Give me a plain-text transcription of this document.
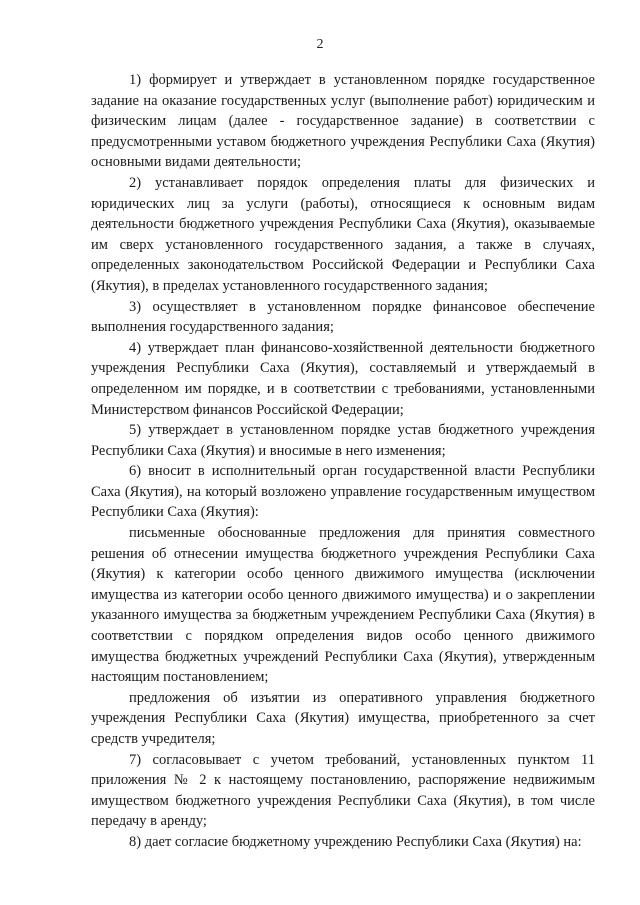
2

1) формирует и утверждает в установленном порядке государственное задание на оказание государственных услуг (выполнение работ) юридическим и физическим лицам (далее - государственное задание) в соответствии с предусмотренными уставом бюджетного учреждения Республики Саха (Якутия) основными видами деятельности;

2) устанавливает порядок определения платы для физических и юридических лиц за услуги (работы), относящиеся к основным видам деятельности бюджетного учреждения Республики Саха (Якутия), оказываемые им сверх установленного государственного задания, а также в случаях, определенных законодательством Российской Федерации и Республики Саха (Якутия), в пределах установленного государственного задания;

3) осуществляет в установленном порядке финансовое обеспечение выполнения государственного задания;

4) утверждает план финансово-хозяйственной деятельности бюджетного учреждения Республики Саха (Якутия), составляемый и утверждаемый в определенном им порядке, и в соответствии с требованиями, установленными Министерством финансов Российской Федерации;

5) утверждает в установленном порядке устав бюджетного учреждения Республики Саха (Якутия) и вносимые в него изменения;

6) вносит в исполнительный орган государственной власти Республики Саха (Якутия), на который возложено управление государственным имуществом Республики Саха (Якутия):

письменные обоснованные предложения для принятия совместного решения об отнесении имущества бюджетного учреждения Республики Саха (Якутия) к категории особо ценного движимого имущества (исключении имущества из категории особо ценного движимого имущества) и о закреплении указанного имущества за бюджетным учреждением Республики Саха (Якутия) в соответствии с порядком определения видов особо ценного движимого имущества бюджетных учреждений Республики Саха (Якутия), утвержденным настоящим постановлением;

предложения об изъятии из оперативного управления бюджетного учреждения Республики Саха (Якутия) имущества, приобретенного за счет средств учредителя;

7) согласовывает с учетом требований, установленных пунктом 11 приложения № 2 к настоящему постановлению, распоряжение недвижимым имуществом бюджетного учреждения Республики Саха (Якутия), в том числе передачу в аренду;

8) дает согласие бюджетному учреждению Республики Саха (Якутия) на:
